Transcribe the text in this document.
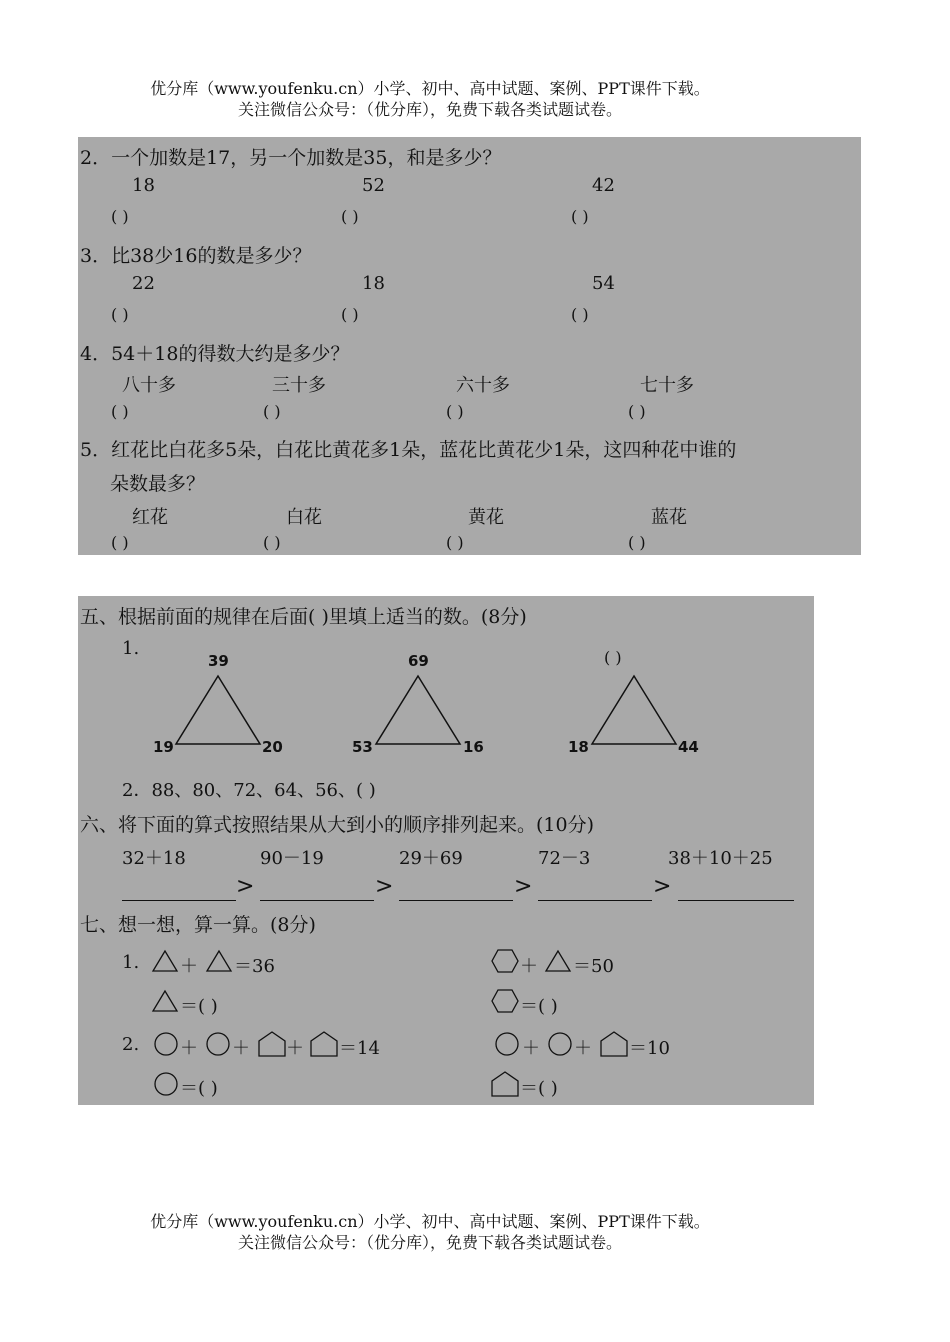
优分库（www.youfenku.cn）小学、初中、高中试题、案例、PPT课件下载。
关注微信公众号：（优分库），免费下载各类试题试卷。
2．一个加数是17，另一个加数是35，和是多少？
18	52	42
( )	( )	( )
3．比38少16的数是多少？
22	18	54
( )	( )	( )
4．54＋18的得数大约是多少？
八十多	三十多	六十多	七十多
( )	( )	( )	( )
5．红花比白花多5朵，白花比黄花多1朵，蓝花比黄花少1朵，这四种花中谁的
朵数最多？
红花	白花	黄花	蓝花
( )	( )	( )	( )
五、根据前面的规律在后面( )里填上适当的数。(8分)
1.
39
19	20
69
53	16
( )
18	44
2．88、80、72、64、56、( )
六、将下面的算式按照结果从大到小的顺序排列起来。(10分)
32＋18	90－19	29＋69	72－3	38＋10＋25
>	>	>	>
七、想一想，算一算。(8分)
1. ＋ ＝36	＋ ＝50
＝( )	＝( )
2. ＋ ＋ ＋ ＝14	＋ ＋ ＝10
＝( )	＝( )
优分库（www.youfenku.cn）小学、初中、高中试题、案例、PPT课件下载。
关注微信公众号：（优分库），免费下载各类试题试卷。
